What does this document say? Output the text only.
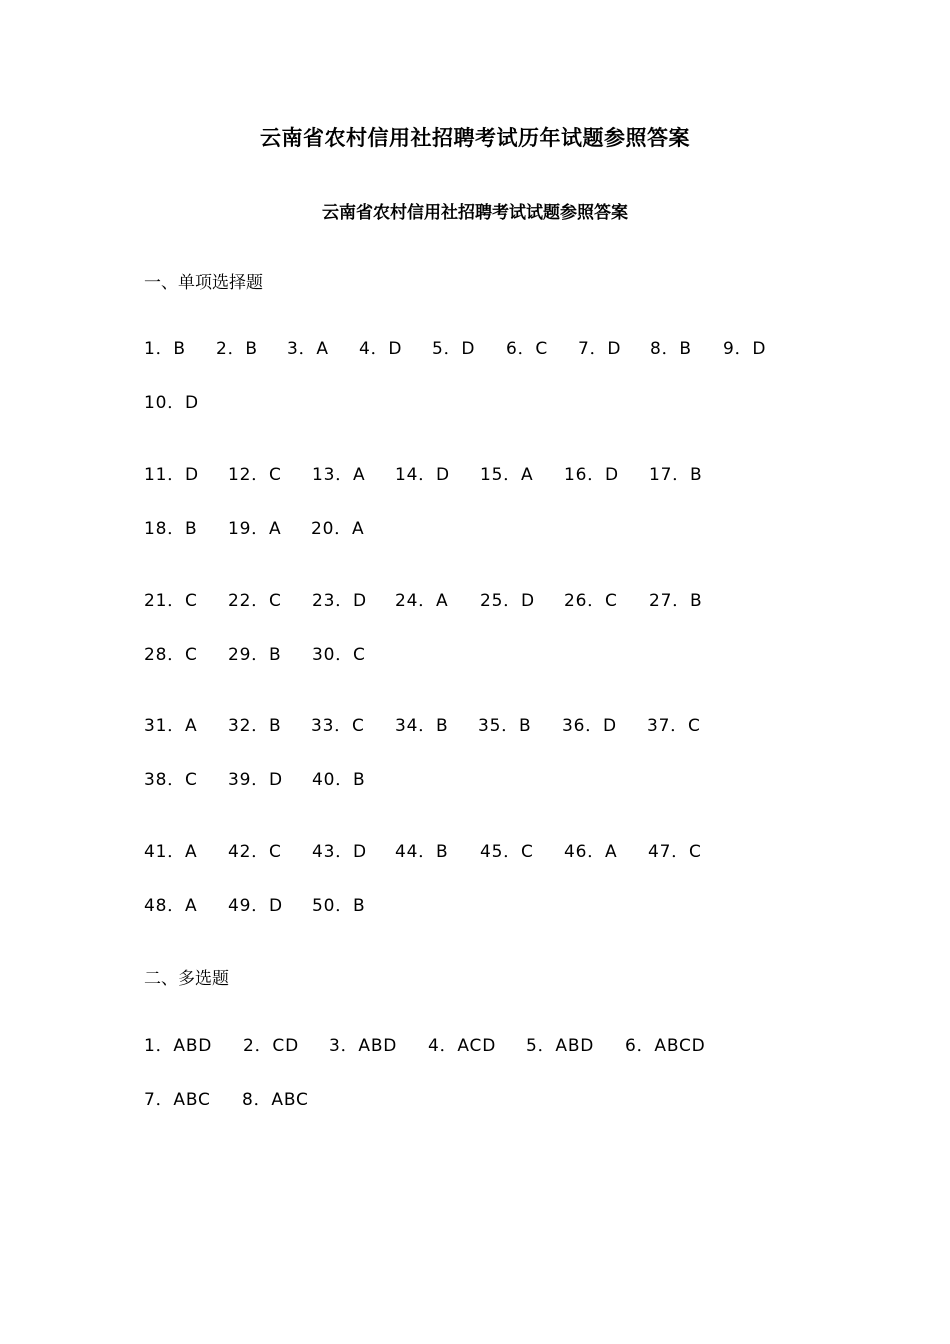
云南省农村信用社招聘考试历年试题参照答案
云南省农村信用社招聘考试试题参照答案
一、单项选择题
1．B 2．B 3．A 4．D 5．D 6．C 7．D 8．B 9．D
10．D
11．D 12．C 13．A 14．D 15．A 16．D 17．B
18．B 19．A 20．A
21．C 22．C 23．D 24．A 25．D 26．C 27．B
28．C 29．B 30．C
31．A 32．B 33．C 34．B 35．B 36．D 37．C
38．C 39．D 40．B
41．A 42．C 43．D 44．B 45．C 46．A 47．C
48．A 49．D 50．B
二、多选题
1．ABD 2．CD 3．ABD 4．ACD 5．ABD 6．ABCD
7．ABC 8．ABC
